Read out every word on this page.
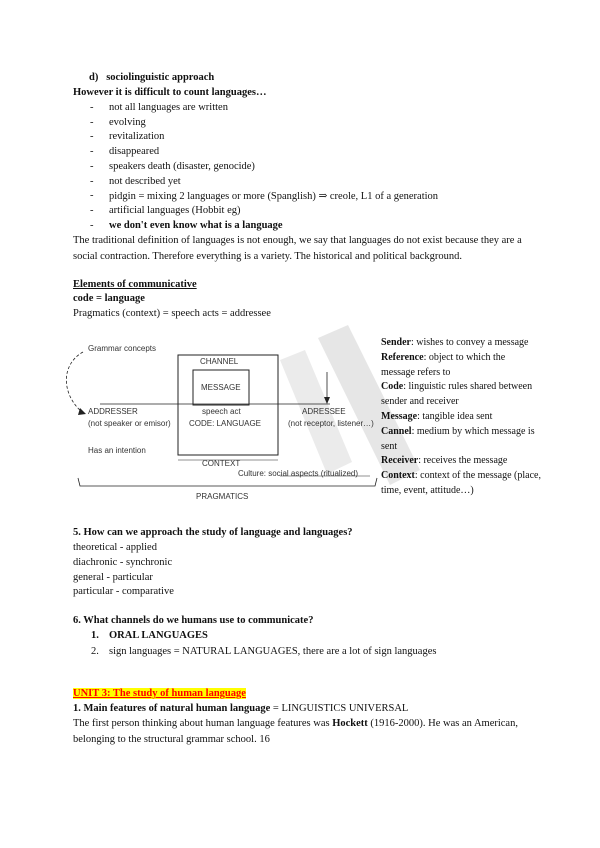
d) sociolinguistic approach
However it is difficult to count languages…
- not all languages are written
- evolving
- revitalization
- disappeared
- speakers death (disaster, genocide)
- not described yet
- pidgin = mixing 2 languages or more (Spanglish) ⇒ creole, L1 of a generation
- artificial languages (Hobbit eg)
- we don't even know what is a language
The traditional definition of languages is not enough, we say that languages do not exist because they are a social contraction. Therefore everything is a variety. The historical and political background.
Elements of communicative
code = language
Pragmatics (context) = speech acts = addressee
Grammar concepts
CHANNEL
MESSAGE
ADDRESSER
(not speaker or emisor)
Has an intention
speech act
CODE: LANGUAGE
ADRESSEE
(not receptor, listener…)
CONTEXT
Culture: social aspects (ritualized)
PRAGMATICS
Sender: wishes to convey a message
Reference: object to which the message refers to
Code: linguistic rules shared between sender and receiver
Message: tangible idea sent
Cannel: medium by which message is sent
Receiver: receives the message
Context: context of the message (place, time, event, attitude…)
5. How can we approach the study of language and languages?
theoretical - applied
diachronic - synchronic
general - particular
particular - comparative
6. What channels do we humans use to communicate?
1. ORAL LANGUAGES
2. sign languages = NATURAL LANGUAGES, there are a lot of sign languages
UNIT 3: The study of human language
1. Main features of natural human language = LINGUISTICS UNIVERSAL
The first person thinking about human language features was Hockett (1916-2000). He was an American, belonging to the structural grammar school. 16
